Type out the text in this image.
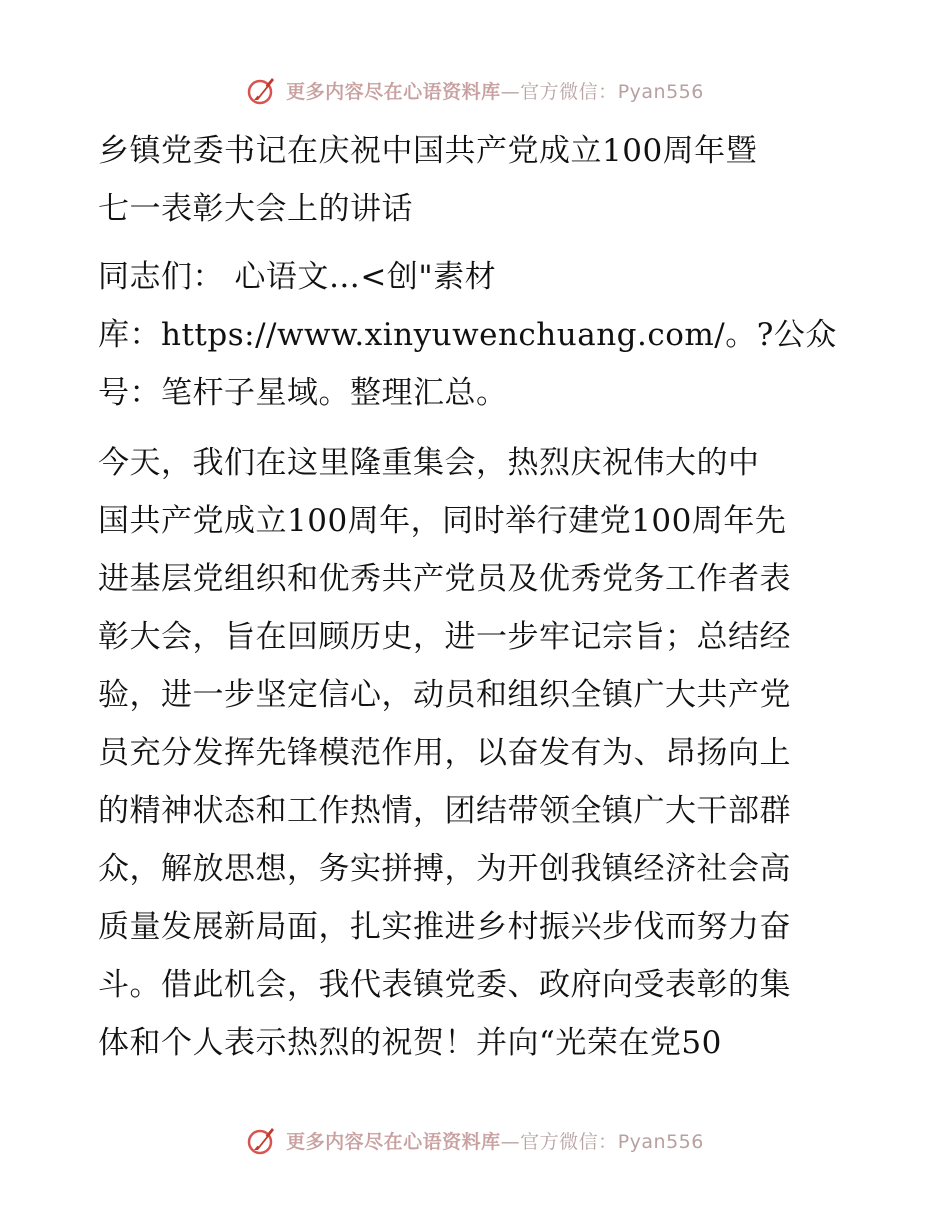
更多内容尽在心语资料库—官方微信：Pyan556
乡镇党委书记在庆祝中国共产党成立100周年暨
七一表彰大会上的讲话
同志们： 心语文…<创"素材
库：https://www.xinyuwenchuang.com/。?公众
号：笔杆子星域。整理汇总。
今天，我们在这里隆重集会，热烈庆祝伟大的中
国共产党成立100周年，同时举行建党100周年先
进基层党组织和优秀共产党员及优秀党务工作者表
彰大会，旨在回顾历史，进一步牢记宗旨；总结经
验，进一步坚定信心，动员和组织全镇广大共产党
员充分发挥先锋模范作用，以奋发有为、昂扬向上
的精神状态和工作热情，团结带领全镇广大干部群
众，解放思想，务实拼搏，为开创我镇经济社会高
质量发展新局面，扎实推进乡村振兴步伐而努力奋
斗。借此机会，我代表镇党委、政府向受表彰的集
体和个人表示热烈的祝贺！并向“光荣在党50
更多内容尽在心语资料库—官方微信：Pyan556
